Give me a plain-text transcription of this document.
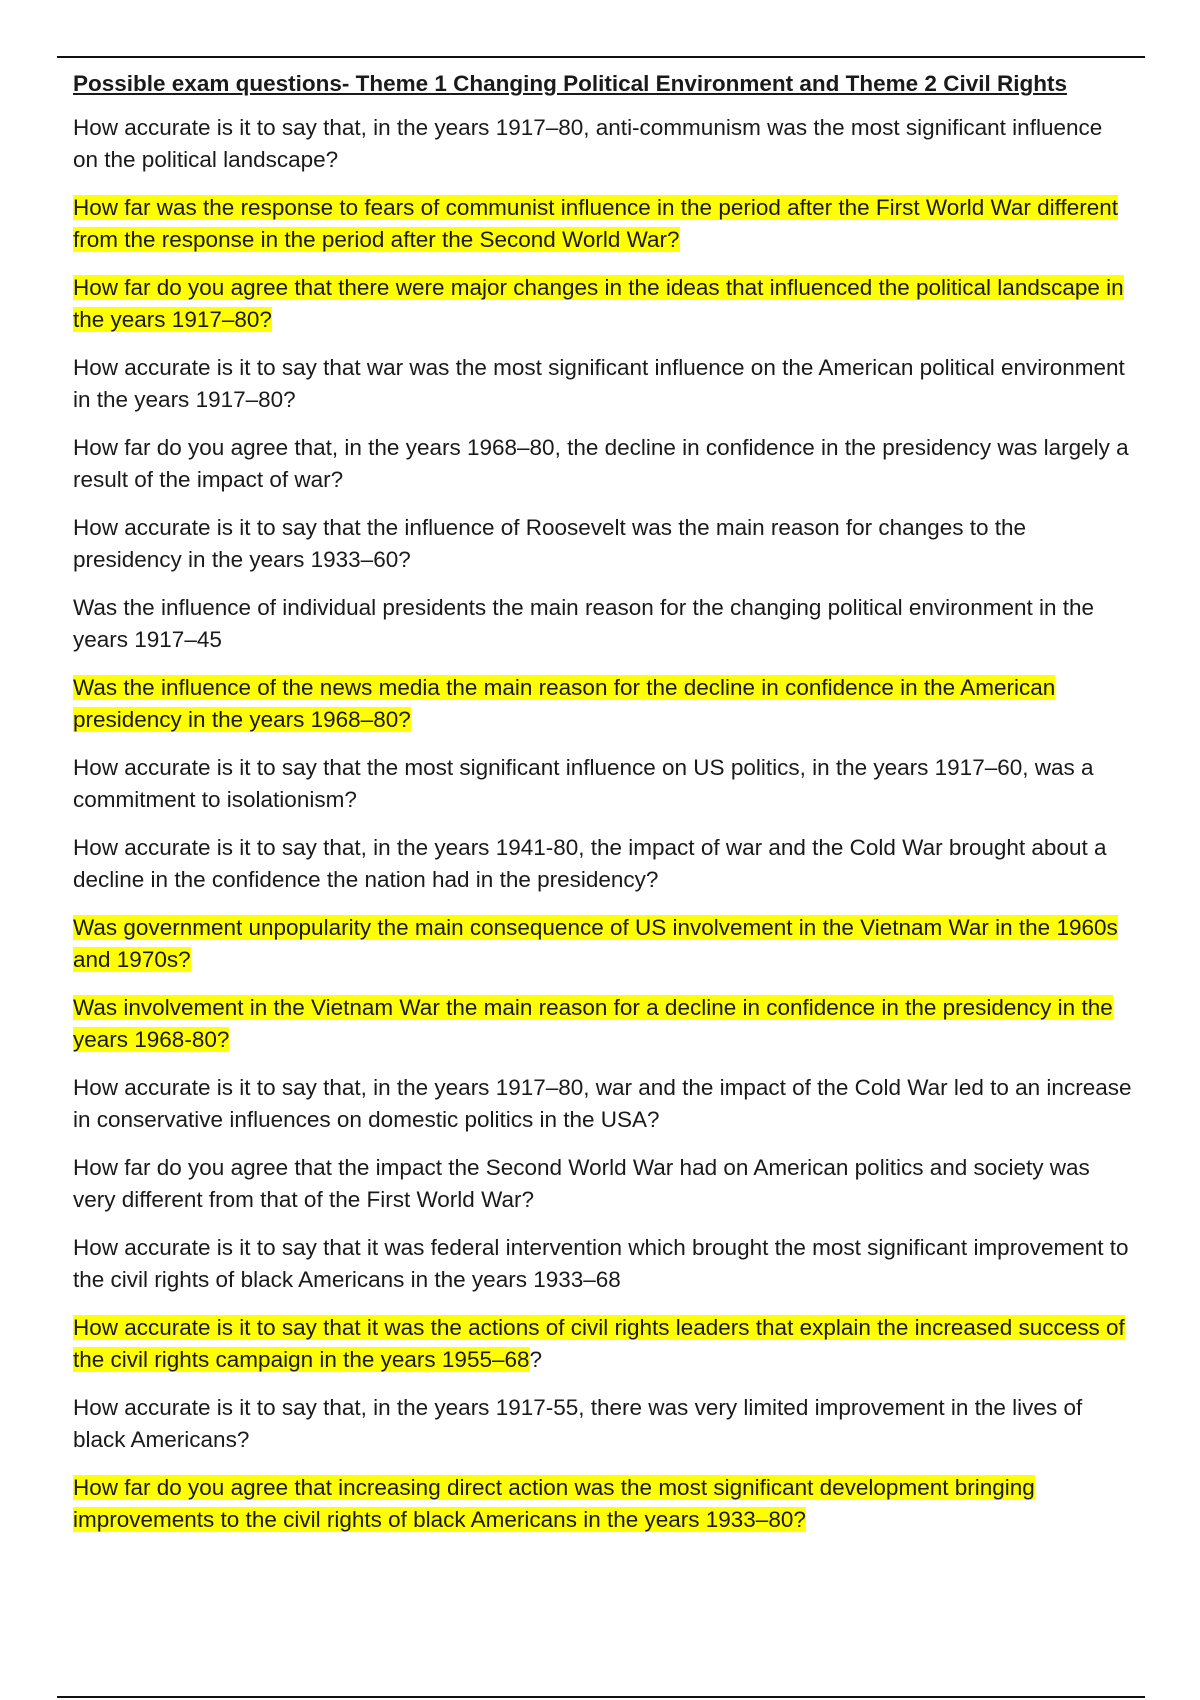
Possible exam questions- Theme 1 Changing Political Environment and Theme 2 Civil Rights

How accurate is it to say that, in the years 1917–80, anti-communism was the most significant influence on the political landscape?

How far was the response to fears of communist influence in the period after the First World War different from the response in the period after the Second World War?

How far do you agree that there were major changes in the ideas that influenced the political landscape in the years 1917–80?

How accurate is it to say that war was the most significant influence on the American political environment in the years 1917–80?

How far do you agree that, in the years 1968–80, the decline in confidence in the presidency was largely a result of the impact of war?

How accurate is it to say that the influence of Roosevelt was the main reason for changes to the presidency in the years 1933–60?

Was the influence of individual presidents the main reason for the changing political environment in the years 1917–45

Was the influence of the news media the main reason for the decline in confidence in the American presidency in the years 1968–80?

How accurate is it to say that the most significant influence on US politics, in the years 1917–60, was a commitment to isolationism?

How accurate is it to say that, in the years 1941-80, the impact of war and the Cold War brought about a decline in the confidence the nation had in the presidency?

Was government unpopularity the main consequence of US involvement in the Vietnam War in the 1960s and 1970s?

Was involvement in the Vietnam War the main reason for a decline in confidence in the presidency in the years 1968-80?

How accurate is it to say that, in the years 1917–80, war and the impact of the Cold War led to an increase in conservative influences on domestic politics in the USA?

How far do you agree that the impact the Second World War had on American politics and society was very different from that of the First World War?

How accurate is it to say that it was federal intervention which brought the most significant improvement to the civil rights of black Americans in the years 1933–68

How accurate is it to say that it was the actions of civil rights leaders that explain the increased success of the civil rights campaign in the years 1955–68?

How accurate is it to say that, in the years 1917-55, there was very limited improvement in the lives of black Americans?

How far do you agree that increasing direct action was the most significant development bringing improvements to the civil rights of black Americans in the years 1933–80?
